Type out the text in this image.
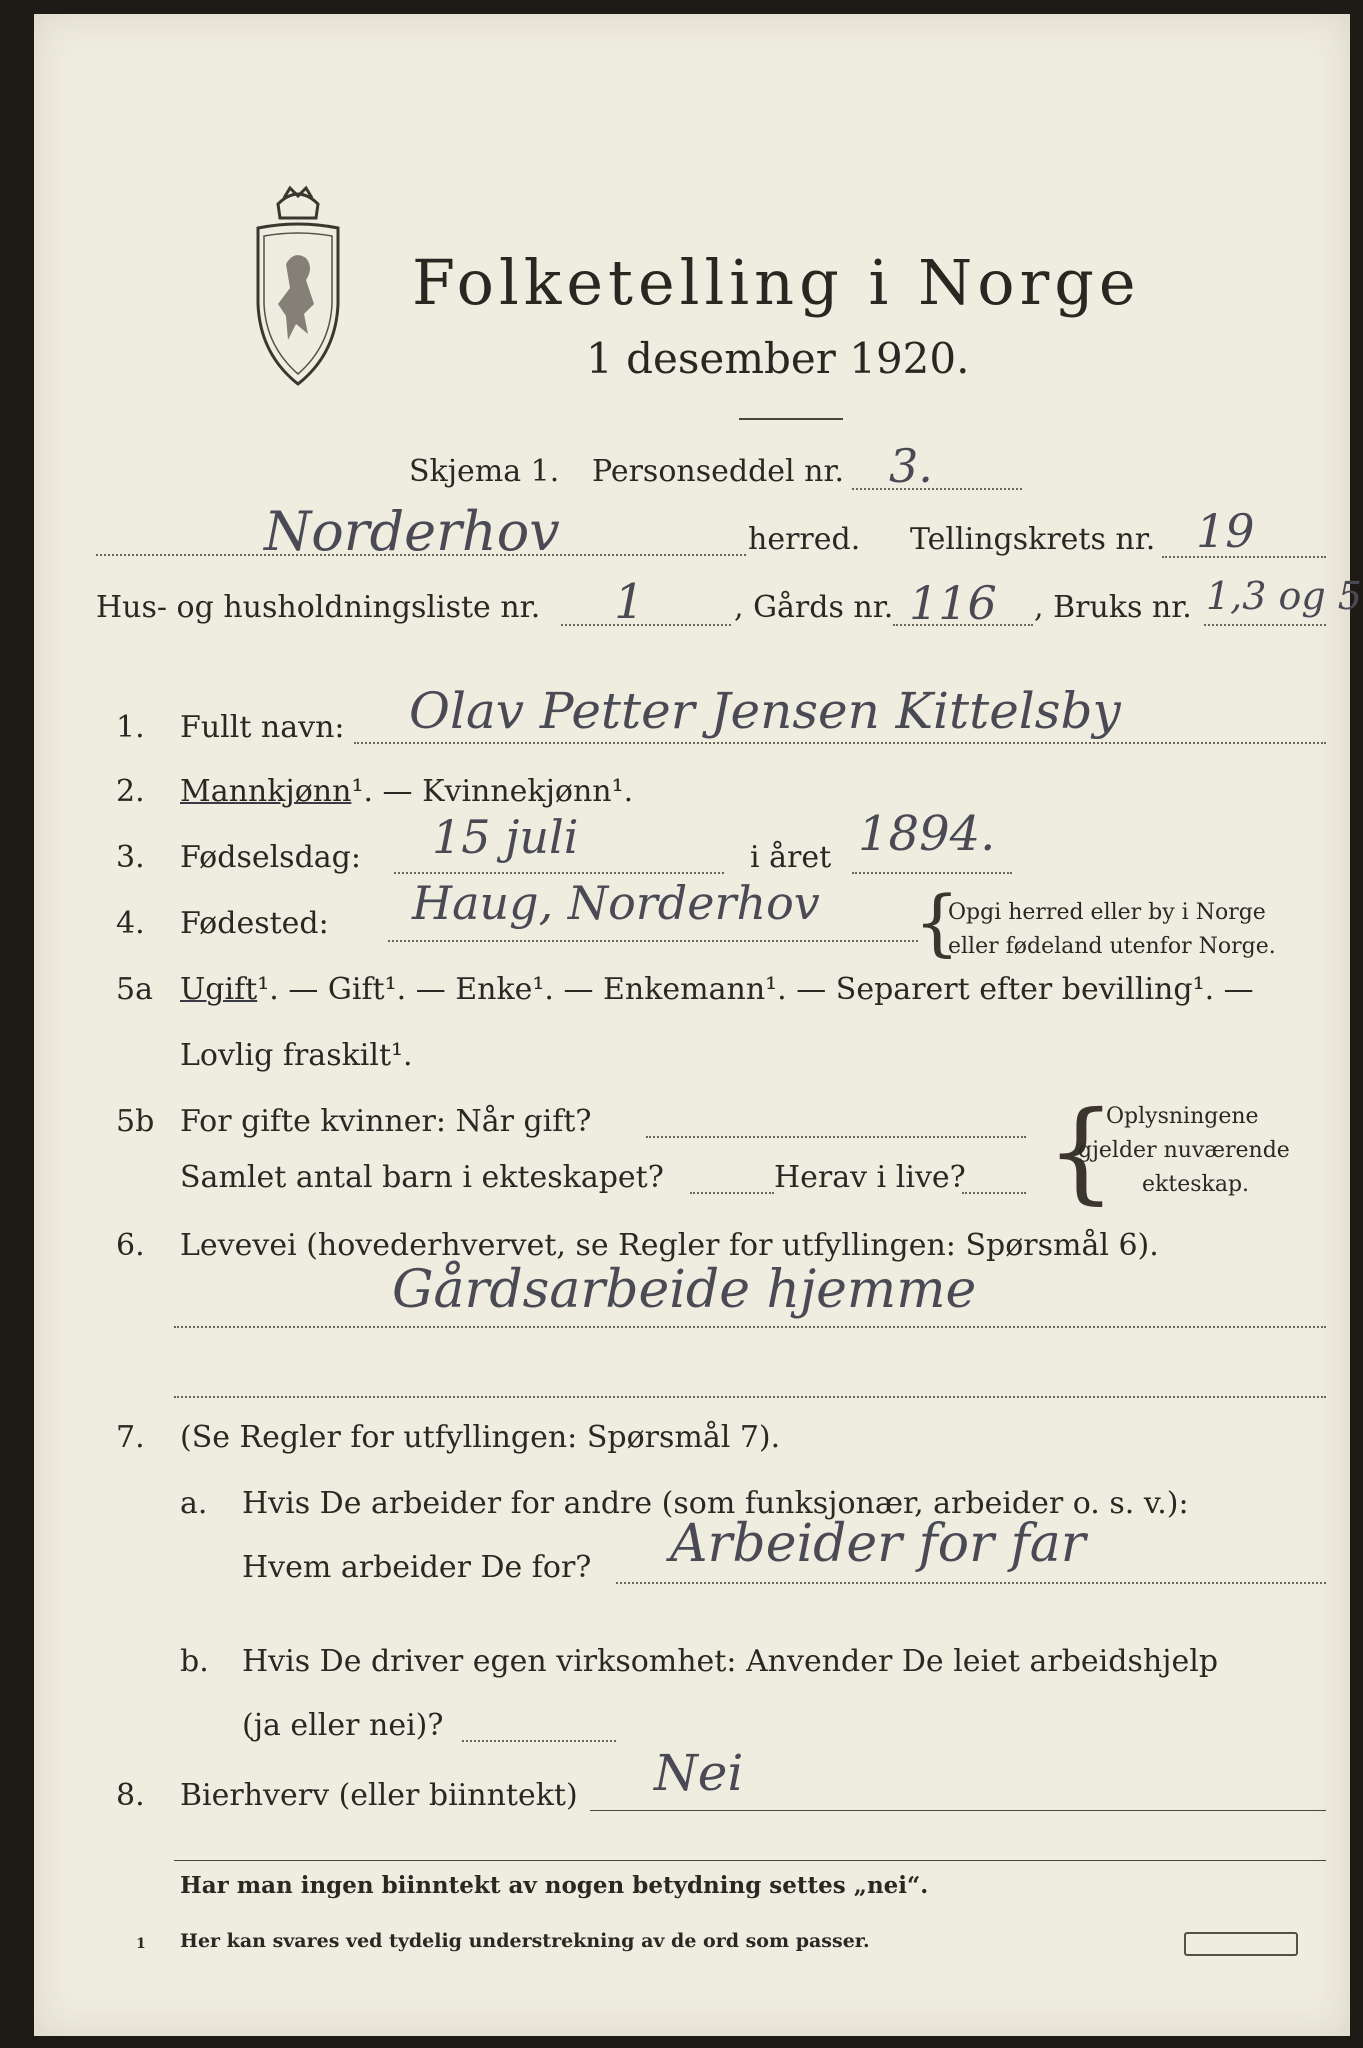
Folketelling i Norge
1 desember 1920.
Skjema 1. Personseddel nr. 3.
Norderhov	herred. Tellingskrets nr. 19
Hus- og husholdningsliste nr. 1	, Gårds nr. 116 , Bruks nr. 1,3 og 5
1. Fullt navn: Olav Petter Jensen Kittelsby
2. Mannkjønn¹. — Kvinnekjønn¹.
3. Fødselsdag: 15 juli	i året 1894.
4. Fødested: Haug, Norderhov {
Opgi herred eller by i Norge
eller fødeland utenfor Norge.
5a Ugift¹. — Gift¹. — Enke¹. — Enkemann¹. — Separert efter bevilling¹. —
Lovlig fraskilt¹.
5b For gifte kvinner: Når gift?
Samlet antal barn i ekteskapet?	Herav i live? {
Oplysningene
gjelder nuværende
ekteskap.
6. Levevei (hovederhvervet, se Regler for utfyllingen: Spørsmål 6).
Gårdsarbeide hjemme
7. (Se Regler for utfyllingen: Spørsmål 7).
a. Hvis De arbeider for andre (som funksjonær, arbeider o. s. v.):
Hvem arbeider De for? Arbeider for far
b. Hvis De driver egen virksomhet: Anvender De leiet arbeidshjelp
(ja eller nei)?
8. Bierhverv (eller biinntekt) Nei
Har man ingen biinntekt av nogen betydning settes „nei“.
1 Her kan svares ved tydelig understrekning av de ord som passer.
